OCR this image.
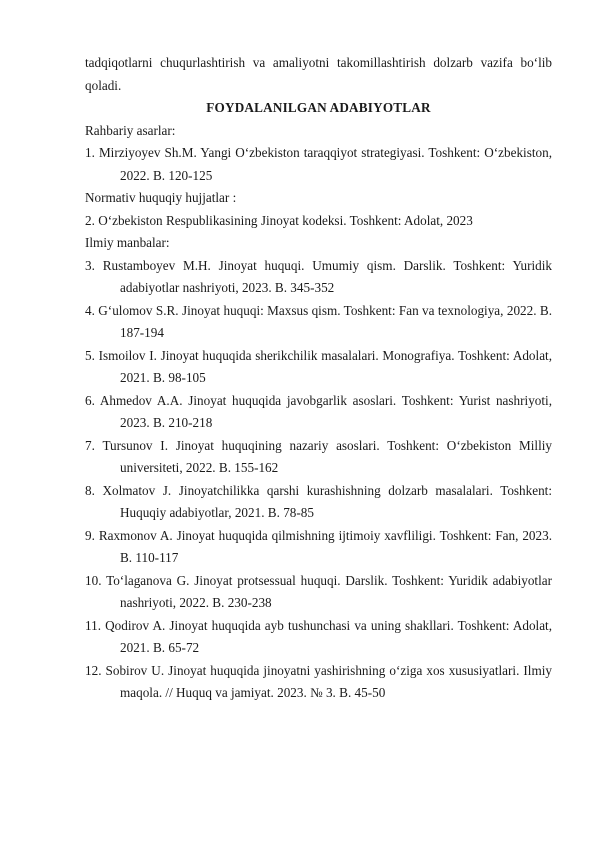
tadqiqotlarni chuqurlashtirish va amaliyotni takomillashtirish dolzarb vazifa boʻlib qoladi.

FOYDALANILGAN ADABIYOTLAR

Rahbariy asarlar:

1. Mirziyoyev Sh.M. Yangi Oʻzbekiston taraqqiyot strategiyasi. Toshkent: Oʻzbekiston, 2022. B. 120-125

Normativ huquqiy hujjatlar :

2. Oʻzbekiston Respublikasining Jinoyat kodeksi. Toshkent: Adolat, 2023

Ilmiy manbalar:

3. Rustamboyev M.H. Jinoyat huquqi. Umumiy qism. Darslik. Toshkent: Yuridik adabiyotlar nashriyoti, 2023. B. 345-352

4. Gʻulomov S.R. Jinoyat huquqi: Maxsus qism. Toshkent: Fan va texnologiya, 2022. B. 187-194

5. Ismoilov I. Jinoyat huquqida sherikchilik masalalari. Monografiya. Toshkent: Adolat, 2021. B. 98-105

6. Ahmedov A.A. Jinoyat huquqida javobgarlik asoslari. Toshkent: Yurist nashriyoti, 2023. B. 210-218

7. Tursunov I. Jinoyat huquqining nazariy asoslari. Toshkent: Oʻzbekiston Milliy universiteti, 2022. B. 155-162

8. Xolmatov J. Jinoyatchilikka qarshi kurashishning dolzarb masalalari. Toshkent: Huquqiy adabiyotlar, 2021. B. 78-85

9. Raxmonov A. Jinoyat huquqida qilmishning ijtimoiy xavfliligi. Toshkent: Fan, 2023. B. 110-117

10. Toʻlaganova G. Jinoyat protsessual huquqi. Darslik. Toshkent: Yuridik adabiyotlar nashriyoti, 2022. B. 230-238

11. Qodirov A. Jinoyat huquqida ayb tushunchasi va uning shakllari. Toshkent: Adolat, 2021. B. 65-72

12. Sobirov U. Jinoyat huquqida jinoyatni yashirishning oʻziga xos xususiyatlari. Ilmiy maqola. // Huquq va jamiyat. 2023. № 3. B. 45-50
